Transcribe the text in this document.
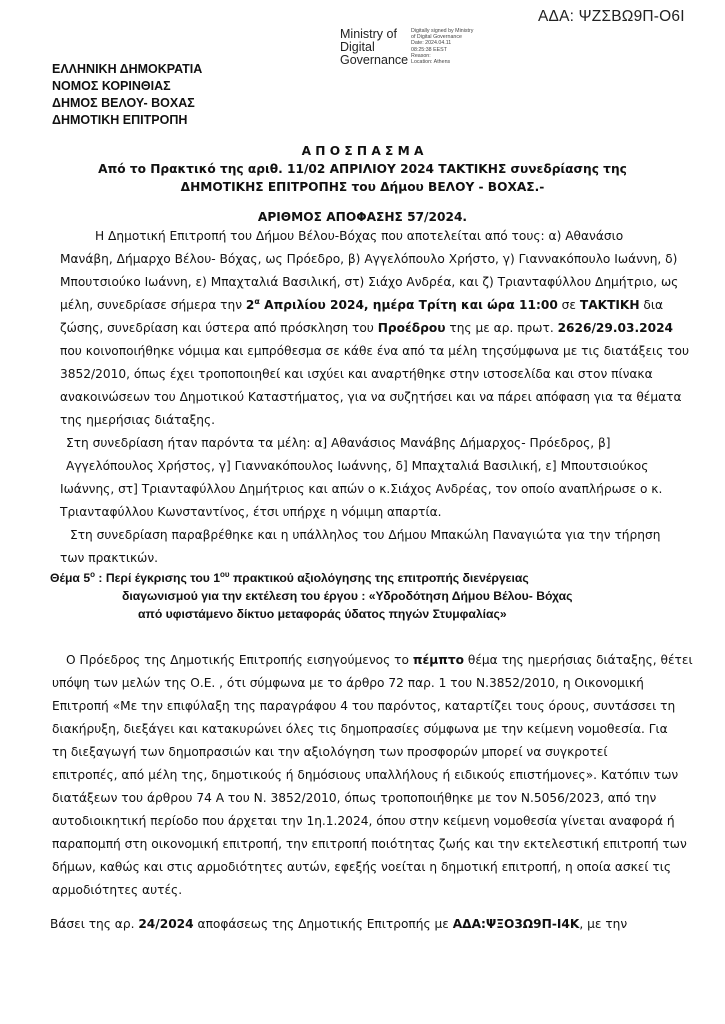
ΑΔΑ: ΨΖΣΒΩ9Π-Ο6Ι
Ministry of
Digital
Governance
Digitally signed by Ministry
of Digital Governance
Date: 2024.04.11
08:25:38 EEST
Reason:
Location: Athens
ΕΛΛΗΝΙΚΗ ΔΗΜΟΚΡΑΤΙΑ
ΝΟΜΟΣ ΚΟΡΙΝΘΙΑΣ
ΔΗΜΟΣ ΒΕΛΟΥ- ΒΟΧΑΣ
ΔΗΜΟΤΙΚΗ ΕΠΙΤΡΟΠΗ
Α Π Ο Σ Π Α Σ Μ Α
Από το Πρακτικό της αριθ. 11/02 ΑΠΡΙΛΙΟΥ 2024 ΤΑΚΤΙΚΗΣ συνεδρίασης της
ΔΗΜΟΤΙΚΗΣ ΕΠΙΤΡΟΠΗΣ του Δήμου ΒΕΛΟΥ - ΒΟΧΑΣ.-
ΑΡΙΘΜΟΣ ΑΠΟΦΑΣΗΣ 57/2024.
Η Δημοτική Επιτροπή του Δήμου Βέλου-Βόχας που αποτελείται από τους: α) Αθανάσιο
Μανάβη, Δήμαρχο Βέλου- Βόχας, ως Πρόεδρο, β) Αγγελόπουλο Χρήστο, γ) Γιαννακόπουλο Ιωάννη, δ)
Μπουτσιούκο Ιωάννη, ε) Μπαχταλιά Βασιλική, στ) Σιάχο Ανδρέα, και ζ) Τριανταφύλλου Δημήτριο, ως
μέλη, συνεδρίασε σήμερα την $2^\alpha$ Απριλίου 2024, ημέρα Τρίτη και ώρα 11:00 σε ΤΑΚΤΙΚΗ δια
ζώσης, συνεδρίαση και ύστερα από πρόσκληση του Προέδρου της με αρ. πρωτ. 2626/29.03.2024
που κοινοποιήθηκε νόμιμα και εμπρόθεσμα σε κάθε ένα από τα μέλη τηςσύμφωνα με τις διατάξεις του
3852/2010, όπως έχει τροποποιηθεί και ισχύει και αναρτήθηκε στην ιστοσελίδα και στον πίνακα
ανακοινώσεων του Δημοτικού Καταστήματος, για να συζητήσει και να πάρει απόφαση για τα θέματα
της ημερήσιας διάταξης.
Στη συνεδρίαση ήταν παρόντα τα μέλη: α] Αθανάσιος Μανάβης Δήμαρχος- Πρόεδρος, β]
Αγγελόπουλος Χρήστος, γ] Γιαννακόπουλος Ιωάννης, δ] Μπαχταλιά Βασιλική, ε] Μπουτσιούκος
Ιωάννης, στ] Τριανταφύλλου Δημήτριος και απών ο κ.Σιάχος Ανδρέας, τον οποίο αναπλήρωσε ο κ.
Τριανταφύλλου Κωνσταντίνος, έτσι υπήρχε η νόμιμη απαρτία.
Στη συνεδρίαση παραβρέθηκε και η υπάλληλος του Δήμου Μπακώλη Παναγιώτα για την τήρηση
των πρακτικών.
Θέμα $5^o$ : Περί έγκρισης του $1^{o\upsilon}$ πρακτικού αξιολόγησης της επιτροπής διενέργειας
διαγωνισμού για την εκτέλεση του έργου : «Υδροδότηση Δήμου Βέλου- Βόχας
από υφιστάμενο δίκτυο μεταφοράς ύδατος πηγών Στυμφαλίας»
Ο Πρόεδρος της Δημοτικής Επιτροπής εισηγούμενος το πέμπτο θέμα της ημερήσιας διάταξης, θέτει
υπόψη των μελών της Ο.Ε. , ότι σύμφωνα με το άρθρο 72 παρ. 1 του Ν.3852/2010, η Οικονομική
Επιτροπή «Με την επιφύλαξη της παραγράφου 4 του παρόντος, καταρτίζει τους όρους, συντάσσει τη
διακήρυξη, διεξάγει και κατακυρώνει όλες τις δημοπρασίες σύμφωνα με την κείμενη νομοθεσία. Για
τη διεξαγωγή των δημοπρασιών και την αξιολόγηση των προσφορών μπορεί να συγκροτεί
επιτροπές, από μέλη της, δημοτικούς ή δημόσιους υπαλλήλους ή ειδικούς επιστήμονες». Κατόπιν των
διατάξεων του άρθρου 74 Α του Ν. 3852/2010, όπως τροποποιήθηκε με τον Ν.5056/2023, από την
αυτοδιοικητική περίοδο που άρχεται την 1η.1.2024, όπου στην κείμενη νομοθεσία γίνεται αναφορά ή
παραπομπή στη οικονομική επιτροπή, την επιτροπή ποιότητας ζωής και την εκτελεστική επιτροπή των
δήμων, καθώς και στις αρμοδιότητες αυτών, εφεξής νοείται η δημοτική επιτροπή, η οποία ασκεί τις
αρμοδιότητες αυτές.
Βάσει της αρ. 24/2024 αποφάσεως της Δημοτικής Επιτροπής με ΑΔΑ:ΨΞΟ3Ω9Π-Ι4Κ, με την
